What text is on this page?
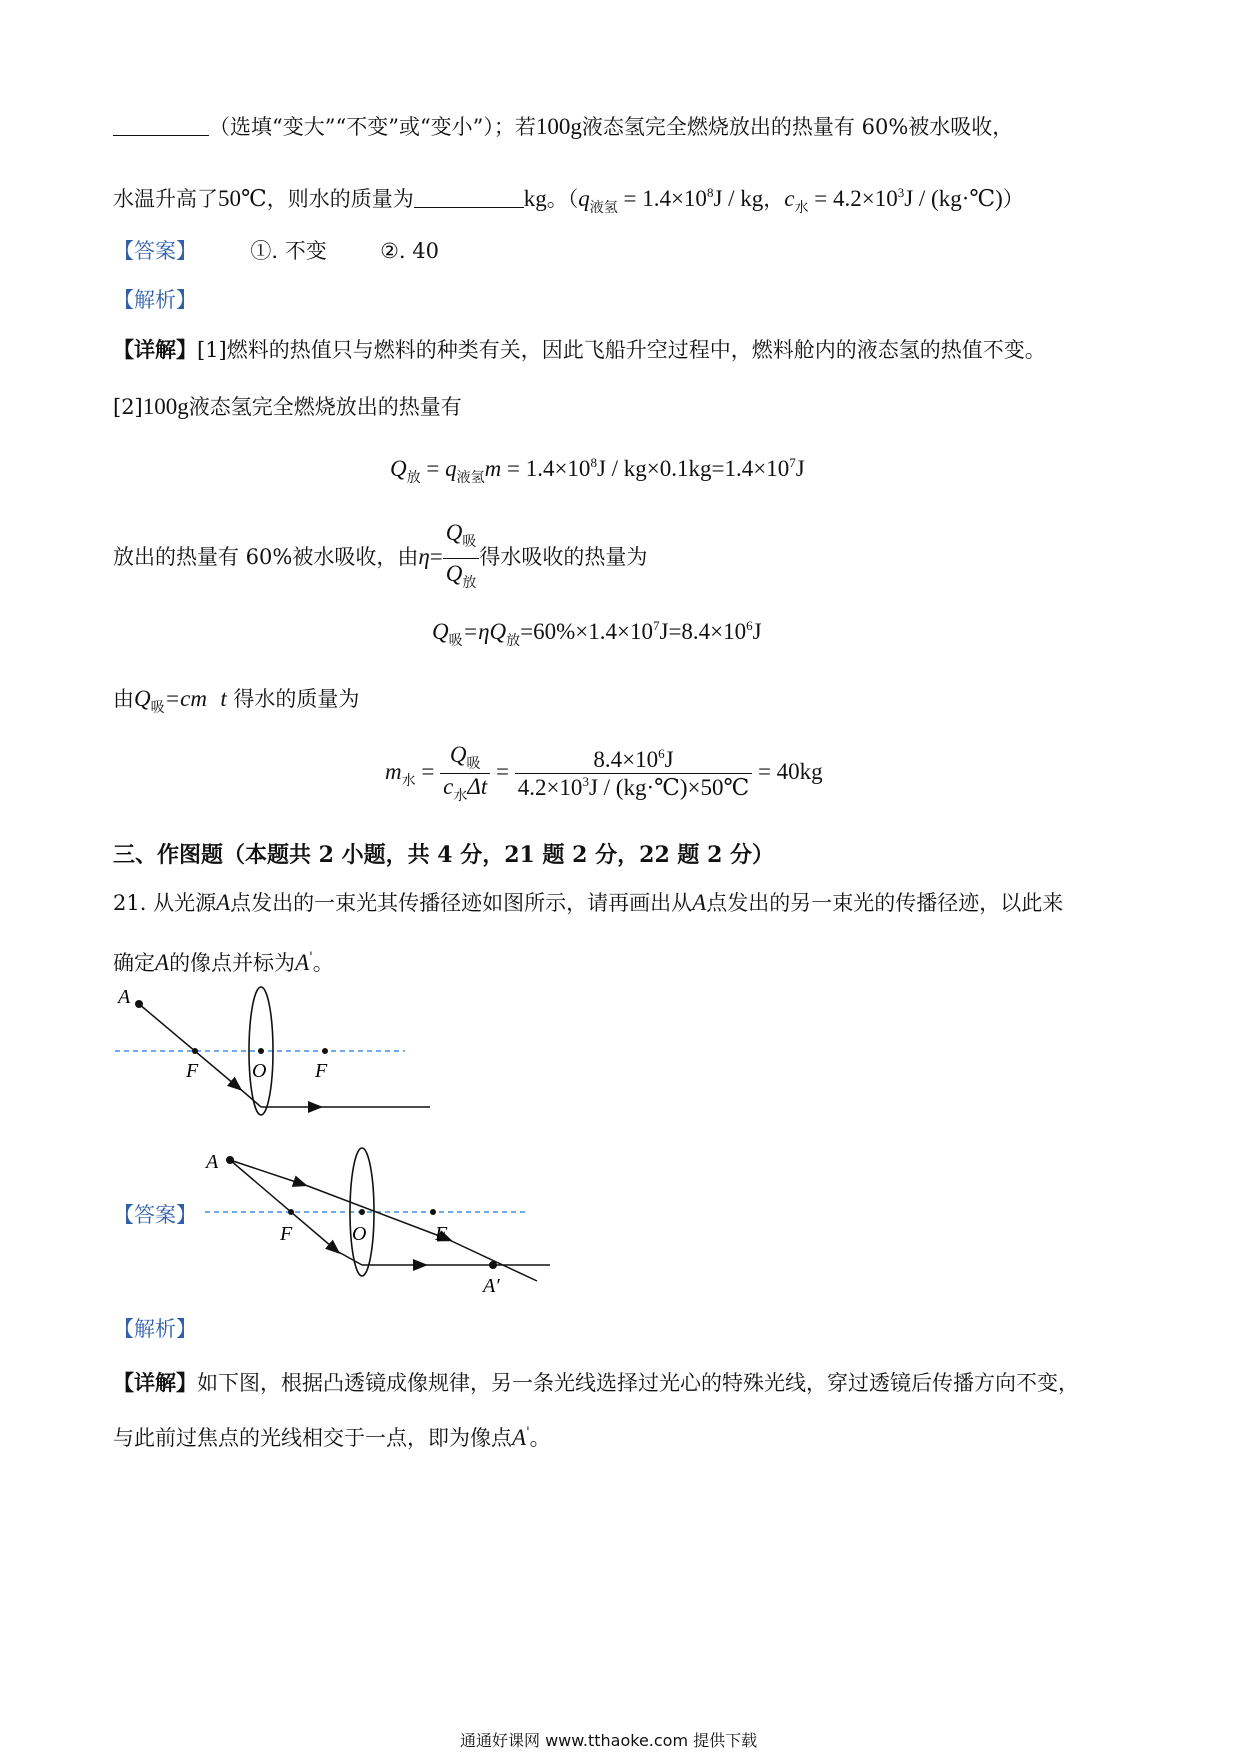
（选填“变大”“不变”或“变小”）；若100g液态氢完全燃烧放出的热量有 60%被水吸收，
水温升高了50℃，则水的质量为	kg。（$q_{液氢} = 1.4\times 10^8J$ / kg，$c_水 = 4.2\times 10^3J$ / (kg·℃)）
【答案】	①. 不变	②. 40
【解析】
【详解】[1]燃料的热值只与燃料的种类有关，因此飞船升空过程中，燃料舱内的液态氢的热值不变。
[2]100g液态氢完全燃烧放出的热量有
$Q_放 = q_{液氢}m = 1.4\times 10^8J / kg\times 0.1kg=1.4\times 10^7J$
放出的热量有 60%被水吸收，由$\eta= \frac{Q_吸}{Q_放}$ 得水吸收的热量为
$Q_吸=\eta Q_放=60\%\times 1.4\times 10^7J=8.4\times 10^6J$
由$Q_吸=cm$ t 得水的质量为
$m_水 = \frac{Q_吸}{c_水\Delta t} = \frac{8.4\times 10^6J}{4.2\times 10^3J / (kg\cdot℃)\times 50℃} = 40kg$
三、作图题（本题共 2 小题，共 4 分，21 题 2 分，22 题 2 分）
21. 从光源A点发出的一束光其传播径迹如图所示，请再画出从A点发出的另一束光的传播径迹，以此来
确定A的像点并标为A'。
A
F	O F
【答案】
A
F	O	F
A′
【解析】
【详解】如下图，根据凸透镜成像规律，另一条光线选择过光心的特殊光线，穿过透镜后传播方向不变，
与此前过焦点的光线相交于一点，即为像点A'。
通通好课网 www.tthaoke.com 提供下载
